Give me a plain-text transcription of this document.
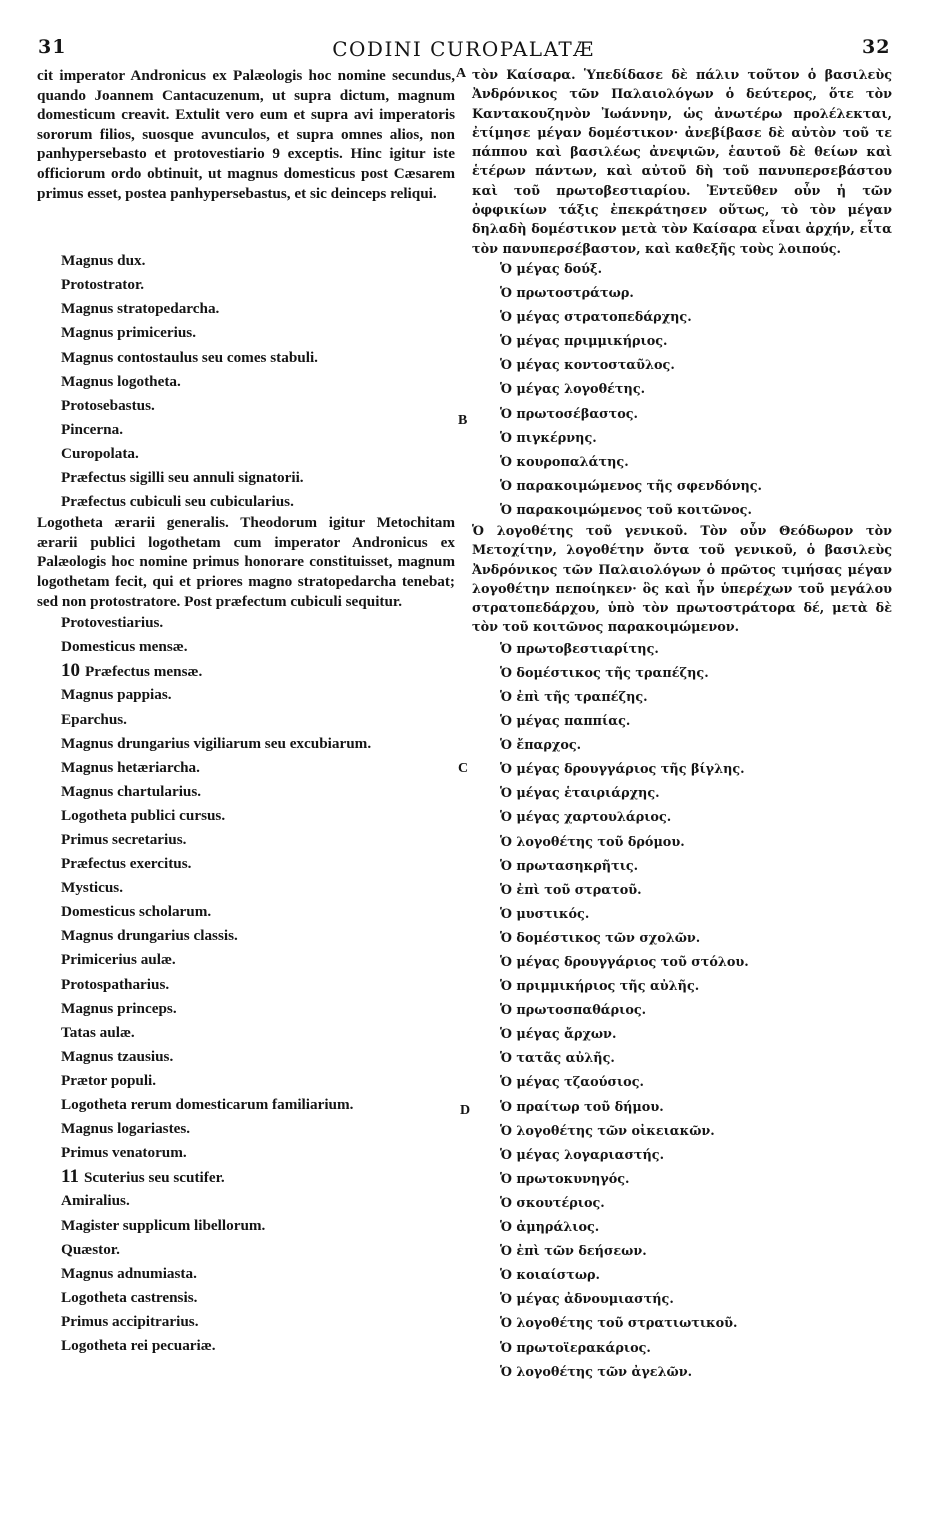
CODINI CUROPALATÆ
31	32
A
B
C
D

cit imperator Andronicus ex Palæologis hoc nomine secundus, quando Joannem Cantacuzenum, ut supra dictum, magnum domesticum creavit. Extulit vero eum et supra avi imperatoris sororum filios, suosque avunculos, et supra omnes alios, non panhypersebasto et protovestiario 9 exceptis. Hinc igitur iste officiorum ordo obtinuit, ut magnus domesticus post Cæsarem primus esset, postea panhypersebastus, et sic deinceps reliqui.

Magnus dux.
Protostrator.
Magnus stratopedarcha.
Magnus primicerius.
Magnus contostaulus seu comes stabuli.
Magnus logotheta.
Protosebastus.
Pincerna.
Curopolata.
Præfectus sigilli seu annuli signatorii.
Præfectus cubiculi seu cubicularius.

Logotheta ærarii generalis. Theodorum igitur Metochitam ærarii publici logothetam cum imperator Andronicus ex Palæologis hoc nomine primus honorare constituisset, magnum logothetam fecit, qui et priores magno stratopedarcha tenebat; sed non protostratore. Post præfectum cubiculi sequitur.

Protovestiarius.
Domesticus mensæ.
10 Præfectus mensæ.
Magnus pappias.
Eparchus.
Magnus drungarius vigiliarum seu excubiarum.
Magnus hetæriarcha.
Magnus chartularius.
Logotheta publici cursus.
Primus secretarius.
Præfectus exercitus.
Mysticus.
Domesticus scholarum.
Magnus drungarius classis.
Primicerius aulæ.
Protospatharius.
Magnus princeps.
Tatas aulæ.
Magnus tzausius.
Prætor populi.
Logotheta rerum domesticarum familiarium.
Magnus logariastes.
Primus venatorum.
11 Scuterius seu scutifer.
Amiralius.
Magister supplicum libellorum.
Quæstor.
Magnus adnumiasta.
Logotheta castrensis.
Primus accipitrarius.
Logotheta rei pecuariæ.

τὸν Καίσαρα. Ὑπεδίδασε δὲ πάλιν τοῦτον ὁ βασιλεὺς Ἀνδρόνικος τῶν Παλαιολόγων ὁ δεύτερος, ὅτε τὸν Καντακουζηνὸν Ἰωάννην, ὡς ἀνωτέρω προλέλεκται, ἐτίμησε μέγαν δομέστικον· ἀνεβίβασε δὲ αὐτὸν τοῦ τε πάππου καὶ βασιλέως ἀνεψιῶν, ἑαυτοῦ δὲ θείων καὶ ἑτέρων πάντων, καὶ αὐτοῦ δὴ τοῦ πανυπερσεβάστου καὶ τοῦ πρωτοβεστιαρίου. Ἐντεῦθεν οὖν ἡ τῶν ὀφφικίων τάξις ἐπεκράτησεν οὕτως, τὸ τὸν μέγαν δηλαδὴ δομέστικον μετὰ τὸν Καίσαρα εἶναι ἀρχήν, εἶτα τὸν πανυπερσέβαστον, καὶ καθεξῆς τοὺς λοιπούς.

Ὁ μέγας δούξ.
Ὁ πρωτοστράτωρ.
Ὁ μέγας στρατοπεδάρχης.
Ὁ μέγας πριμμικήριος.
Ὁ μέγας κοντοσταῦλος.
Ὁ μέγας λογοθέτης.
Ὁ πρωτοσέβαστος.
Ὁ πιγκέρνης.
Ὁ κουροπαλάτης.
Ὁ παρακοιμώμενος τῆς σφενδόνης.
Ὁ παρακοιμώμενος τοῦ κοιτῶνος.

Ὁ λογοθέτης τοῦ γενικοῦ. Τὸν οὖν Θεόδωρον τὸν Μετοχίτην, λογοθέτην ὄντα τοῦ γενικοῦ, ὁ βασιλεὺς Ἀνδρόνικος τῶν Παλαιολόγων ὁ πρῶτος τιμήσας μέγαν λογοθέτην πεποίηκεν· ὃς καὶ ἦν ὑπερέχων τοῦ μεγάλου στρατοπεδάρχου, ὑπὸ τὸν πρωτοστράτορα δέ, μετὰ δὲ τὸν τοῦ κοιτῶνος παρακοιμώμενον.

Ὁ πρωτοβεστιαρίτης.
Ὁ δομέστικος τῆς τραπέζης.
Ὁ ἐπὶ τῆς τραπέζης.
Ὁ μέγας παππίας.
Ὁ ἔπαρχος.
Ὁ μέγας δρουγγάριος τῆς βίγλης.
Ὁ μέγας ἑταιριάρχης.
Ὁ μέγας χαρτουλάριος.
Ὁ λογοθέτης τοῦ δρόμου.
Ὁ πρωτασηκρῆτις.
Ὁ ἐπὶ τοῦ στρατοῦ.
Ὁ μυστικός.
Ὁ δομέστικος τῶν σχολῶν.
Ὁ μέγας δρουγγάριος τοῦ στόλου.
Ὁ πριμμικήριος τῆς αὐλῆς.
Ὁ πρωτοσπαθάριος.
Ὁ μέγας ἄρχων.
Ὁ τατᾶς αὐλῆς.
Ὁ μέγας τζαούσιος.
Ὁ πραίτωρ τοῦ δήμου.
Ὁ λογοθέτης τῶν οἰκειακῶν.
Ὁ μέγας λογαριαστής.
Ὁ πρωτοκυνηγός.
Ὁ σκουτέριος.
Ὁ ἀμηράλιος.
Ὁ ἐπὶ τῶν δεήσεων.
Ὁ κοιαίστωρ.
Ὁ μέγας ἀδνουμιαστής.
Ὁ λογοθέτης τοῦ στρατιωτικοῦ.
Ὁ πρωτοϊερακάριος.
Ὁ λογοθέτης τῶν ἀγελῶν.
